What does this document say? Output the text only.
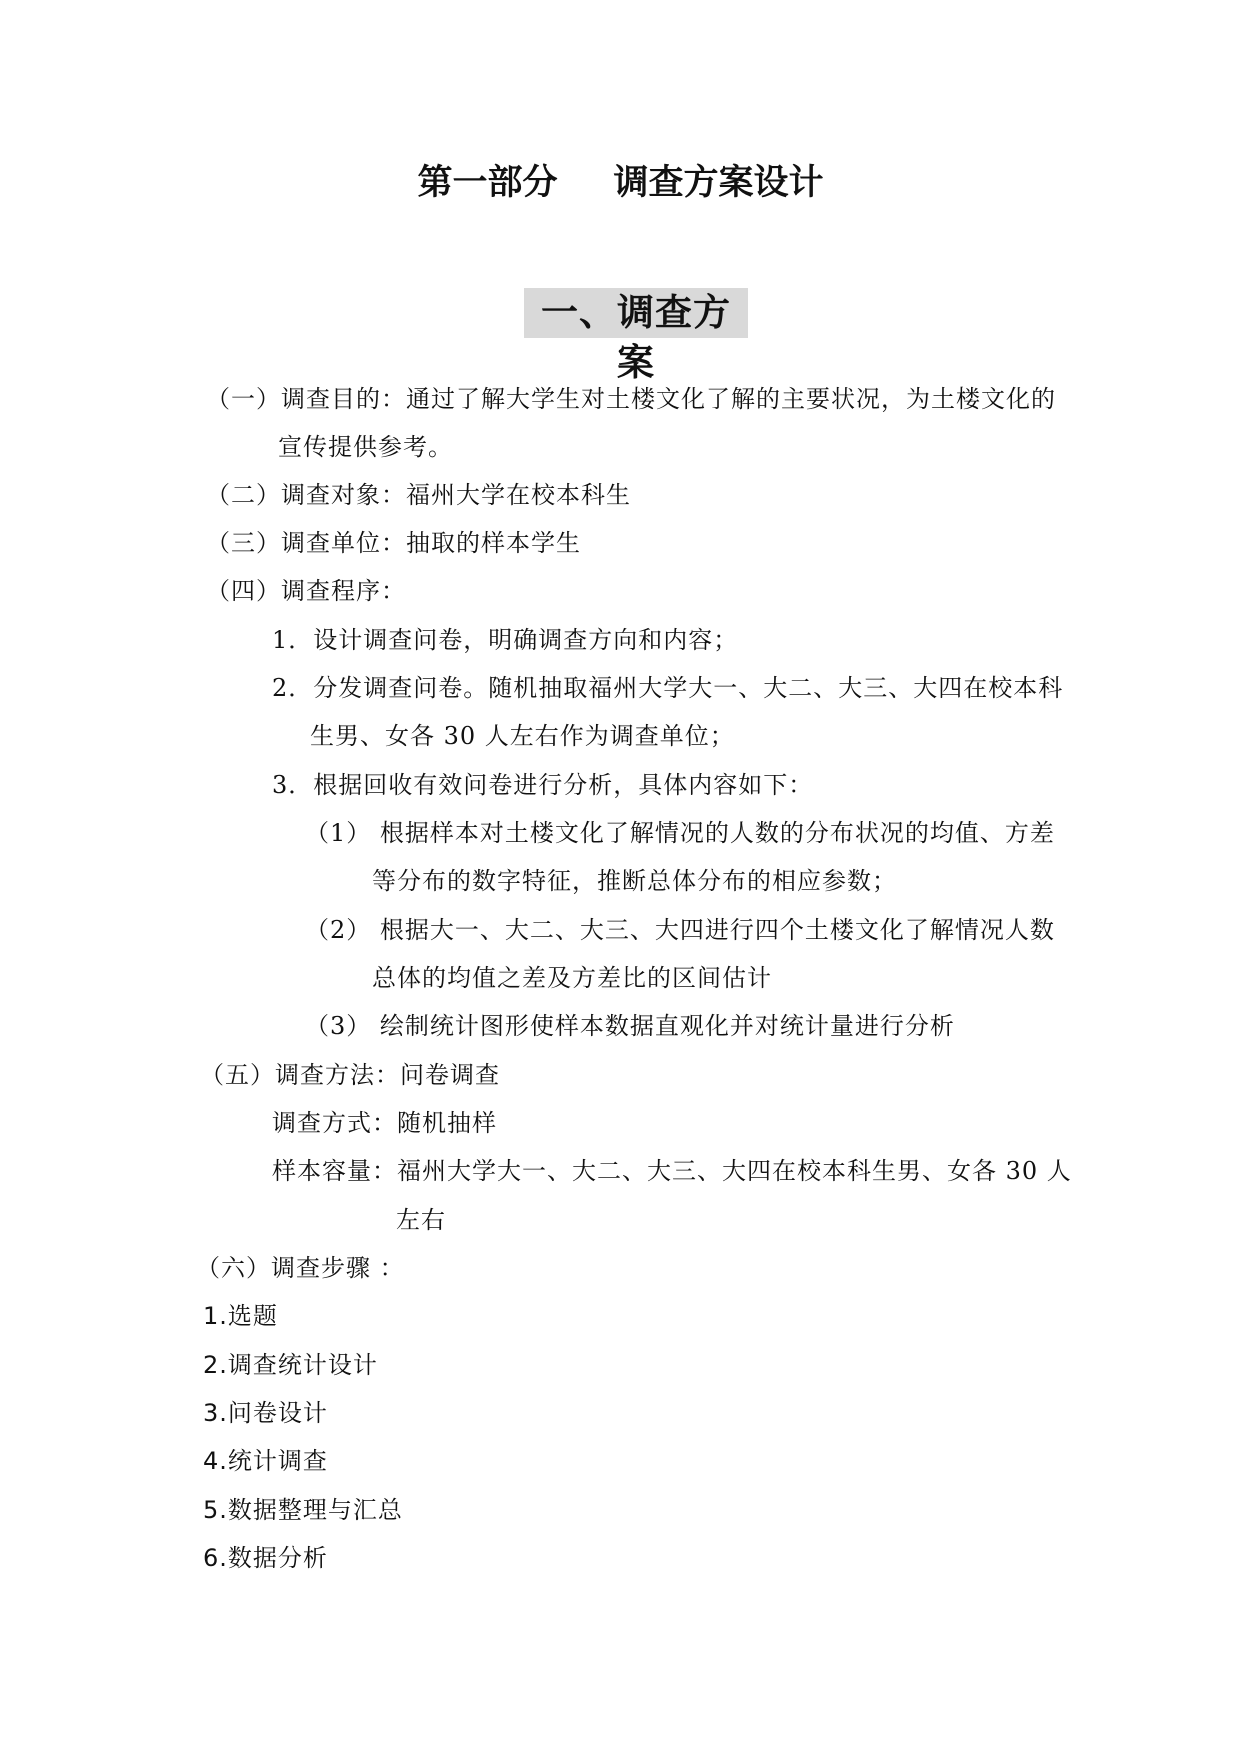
第一部分 调查方案设计
一、调查方案
（一）调查目的：通过了解大学生对土楼文化了解的主要状况，为土楼文化的
宣传提供参考。
（二）调查对象：福州大学在校本科生
（三）调查单位：抽取的样本学生
（四）调查程序：
1．设计调查问卷，明确调查方向和内容；
2．分发调查问卷。随机抽取福州大学大一、大二、大三、大四在校本科
生男、女各 30 人左右作为调查单位；
3．根据回收有效问卷进行分析，具体内容如下：
（1） 根据样本对土楼文化了解情况的人数的分布状况的均值、方差
等分布的数字特征，推断总体分布的相应参数；
（2） 根据大一、大二、大三、大四进行四个土楼文化了解情况人数
总体的均值之差及方差比的区间估计
（3） 绘制统计图形使样本数据直观化并对统计量进行分析
（五）调查方法：问卷调查
调查方式：随机抽样
样本容量：福州大学大一、大二、大三、大四在校本科生男、女各 30 人
左右
（六）调查步骤 ：
1.选题
2.调查统计设计
3.问卷设计
4.统计调查
5.数据整理与汇总
6.数据分析
